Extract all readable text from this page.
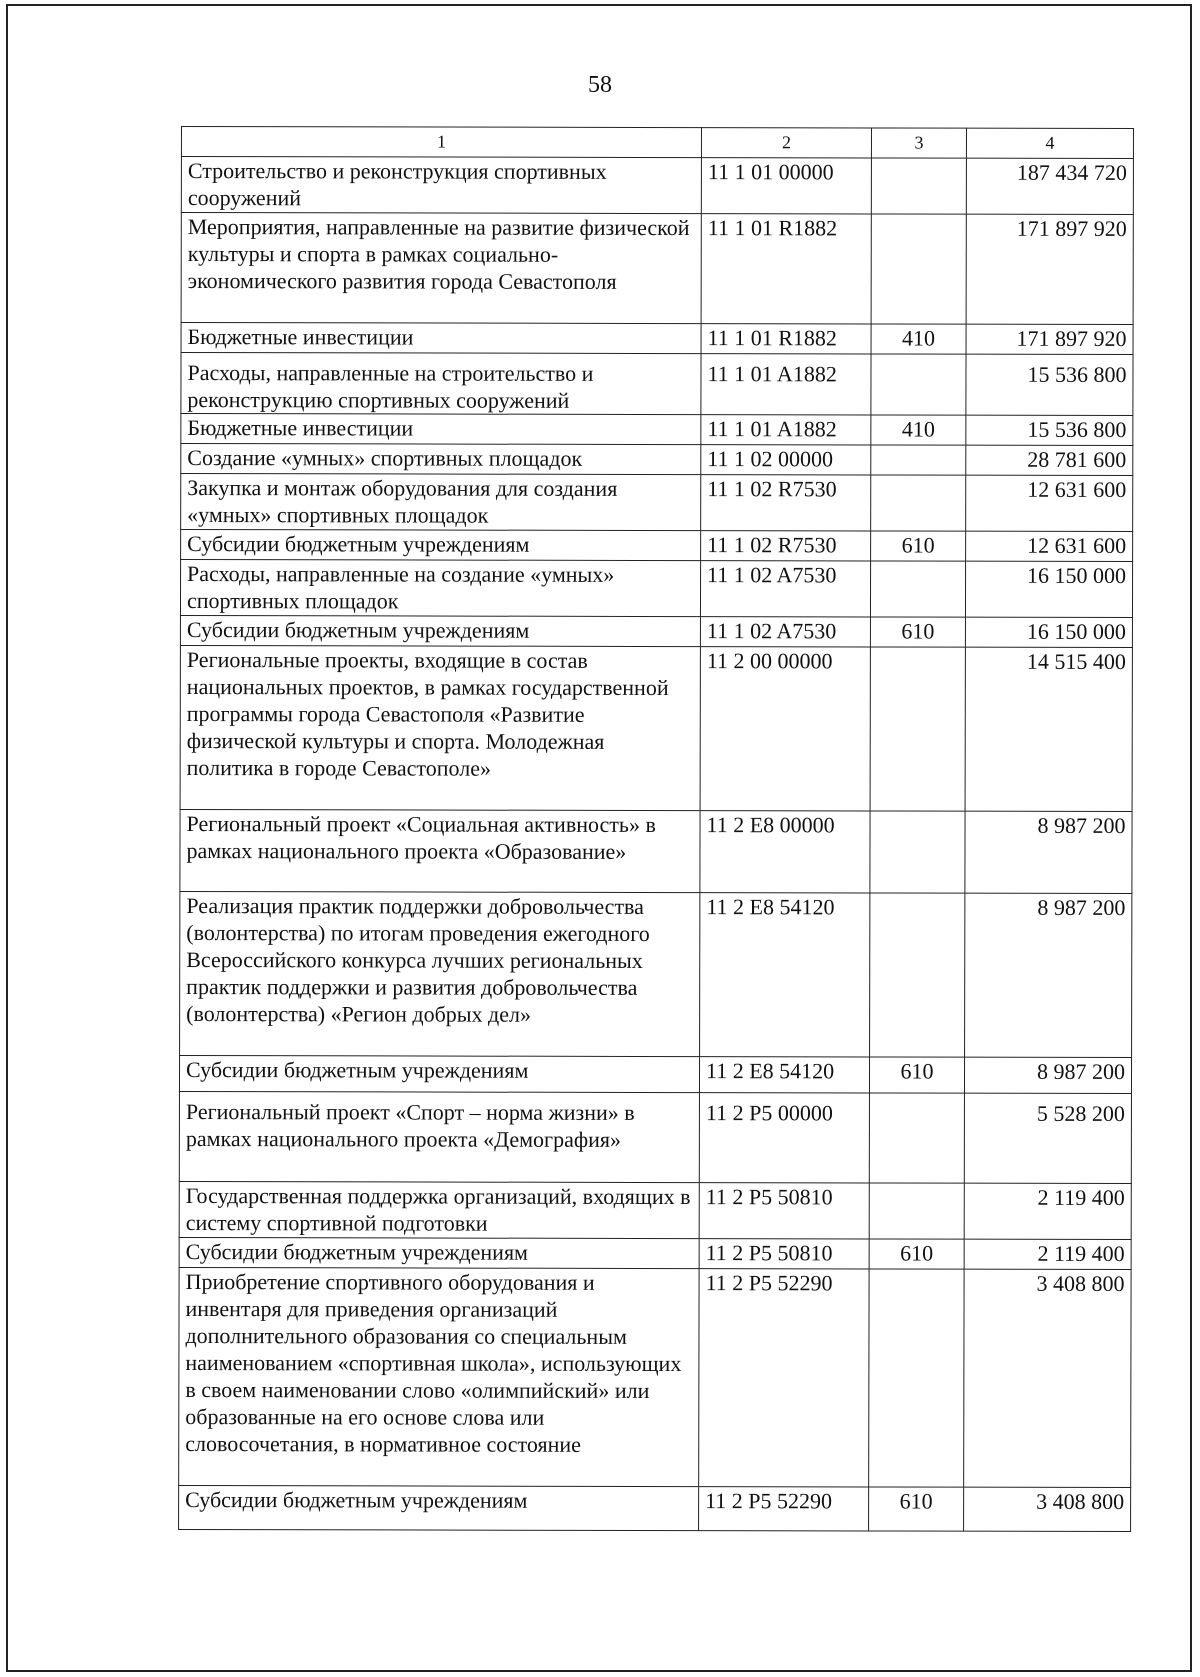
58
1	2	3	4
Строительство и реконструкция спортивных сооружений	11 1 01 00000		187 434 720
Мероприятия, направленные на развитие физической культуры и спорта в рамках социально-экономического развития города Севастополя	11 1 01 R1882		171 897 920
Бюджетные инвестиции	11 1 01 R1882	410	171 897 920
Расходы, направленные на строительство и реконструкцию спортивных сооружений	11 1 01 A1882		15 536 800
Бюджетные инвестиции	11 1 01 A1882	410	15 536 800
Создание «умных» спортивных площадок	11 1 02 00000		28 781 600
Закупка и монтаж оборудования для создания «умных» спортивных площадок	11 1 02 R7530		12 631 600
Субсидии бюджетным учреждениям	11 1 02 R7530	610	12 631 600
Расходы, направленные на создание «умных» спортивных площадок	11 1 02 A7530		16 150 000
Субсидии бюджетным учреждениям	11 1 02 A7530	610	16 150 000
Региональные проекты, входящие в состав национальных проектов, в рамках государственной программы города Севастополя «Развитие физической культуры и спорта. Молодежная политика в городе Севастополе»	11 2 00 00000		14 515 400
Региональный проект «Социальная активность» в рамках национального проекта «Образование»	11 2 E8 00000		8 987 200
Реализация практик поддержки добровольчества (волонтерства) по итогам проведения ежегодного Всероссийского конкурса лучших региональных практик поддержки и развития добровольчества (волонтерства) «Регион добрых дел»	11 2 E8 54120		8 987 200
Субсидии бюджетным учреждениям	11 2 E8 54120	610	8 987 200
Региональный проект «Спорт – норма жизни» в рамках национального проекта «Демография»	11 2 P5 00000		5 528 200
Государственная поддержка организаций, входящих в систему спортивной подготовки	11 2 P5 50810		2 119 400
Субсидии бюджетным учреждениям	11 2 P5 50810	610	2 119 400
Приобретение спортивного оборудования и инвентаря для приведения организаций дополнительного образования со специальным наименованием «спортивная школа», использующих в своем наименовании слово «олимпийский» или образованные на его основе слова или словосочетания, в нормативное состояние	11 2 P5 52290		3 408 800
Субсидии бюджетным учреждениям	11 2 P5 52290	610	3 408 800
